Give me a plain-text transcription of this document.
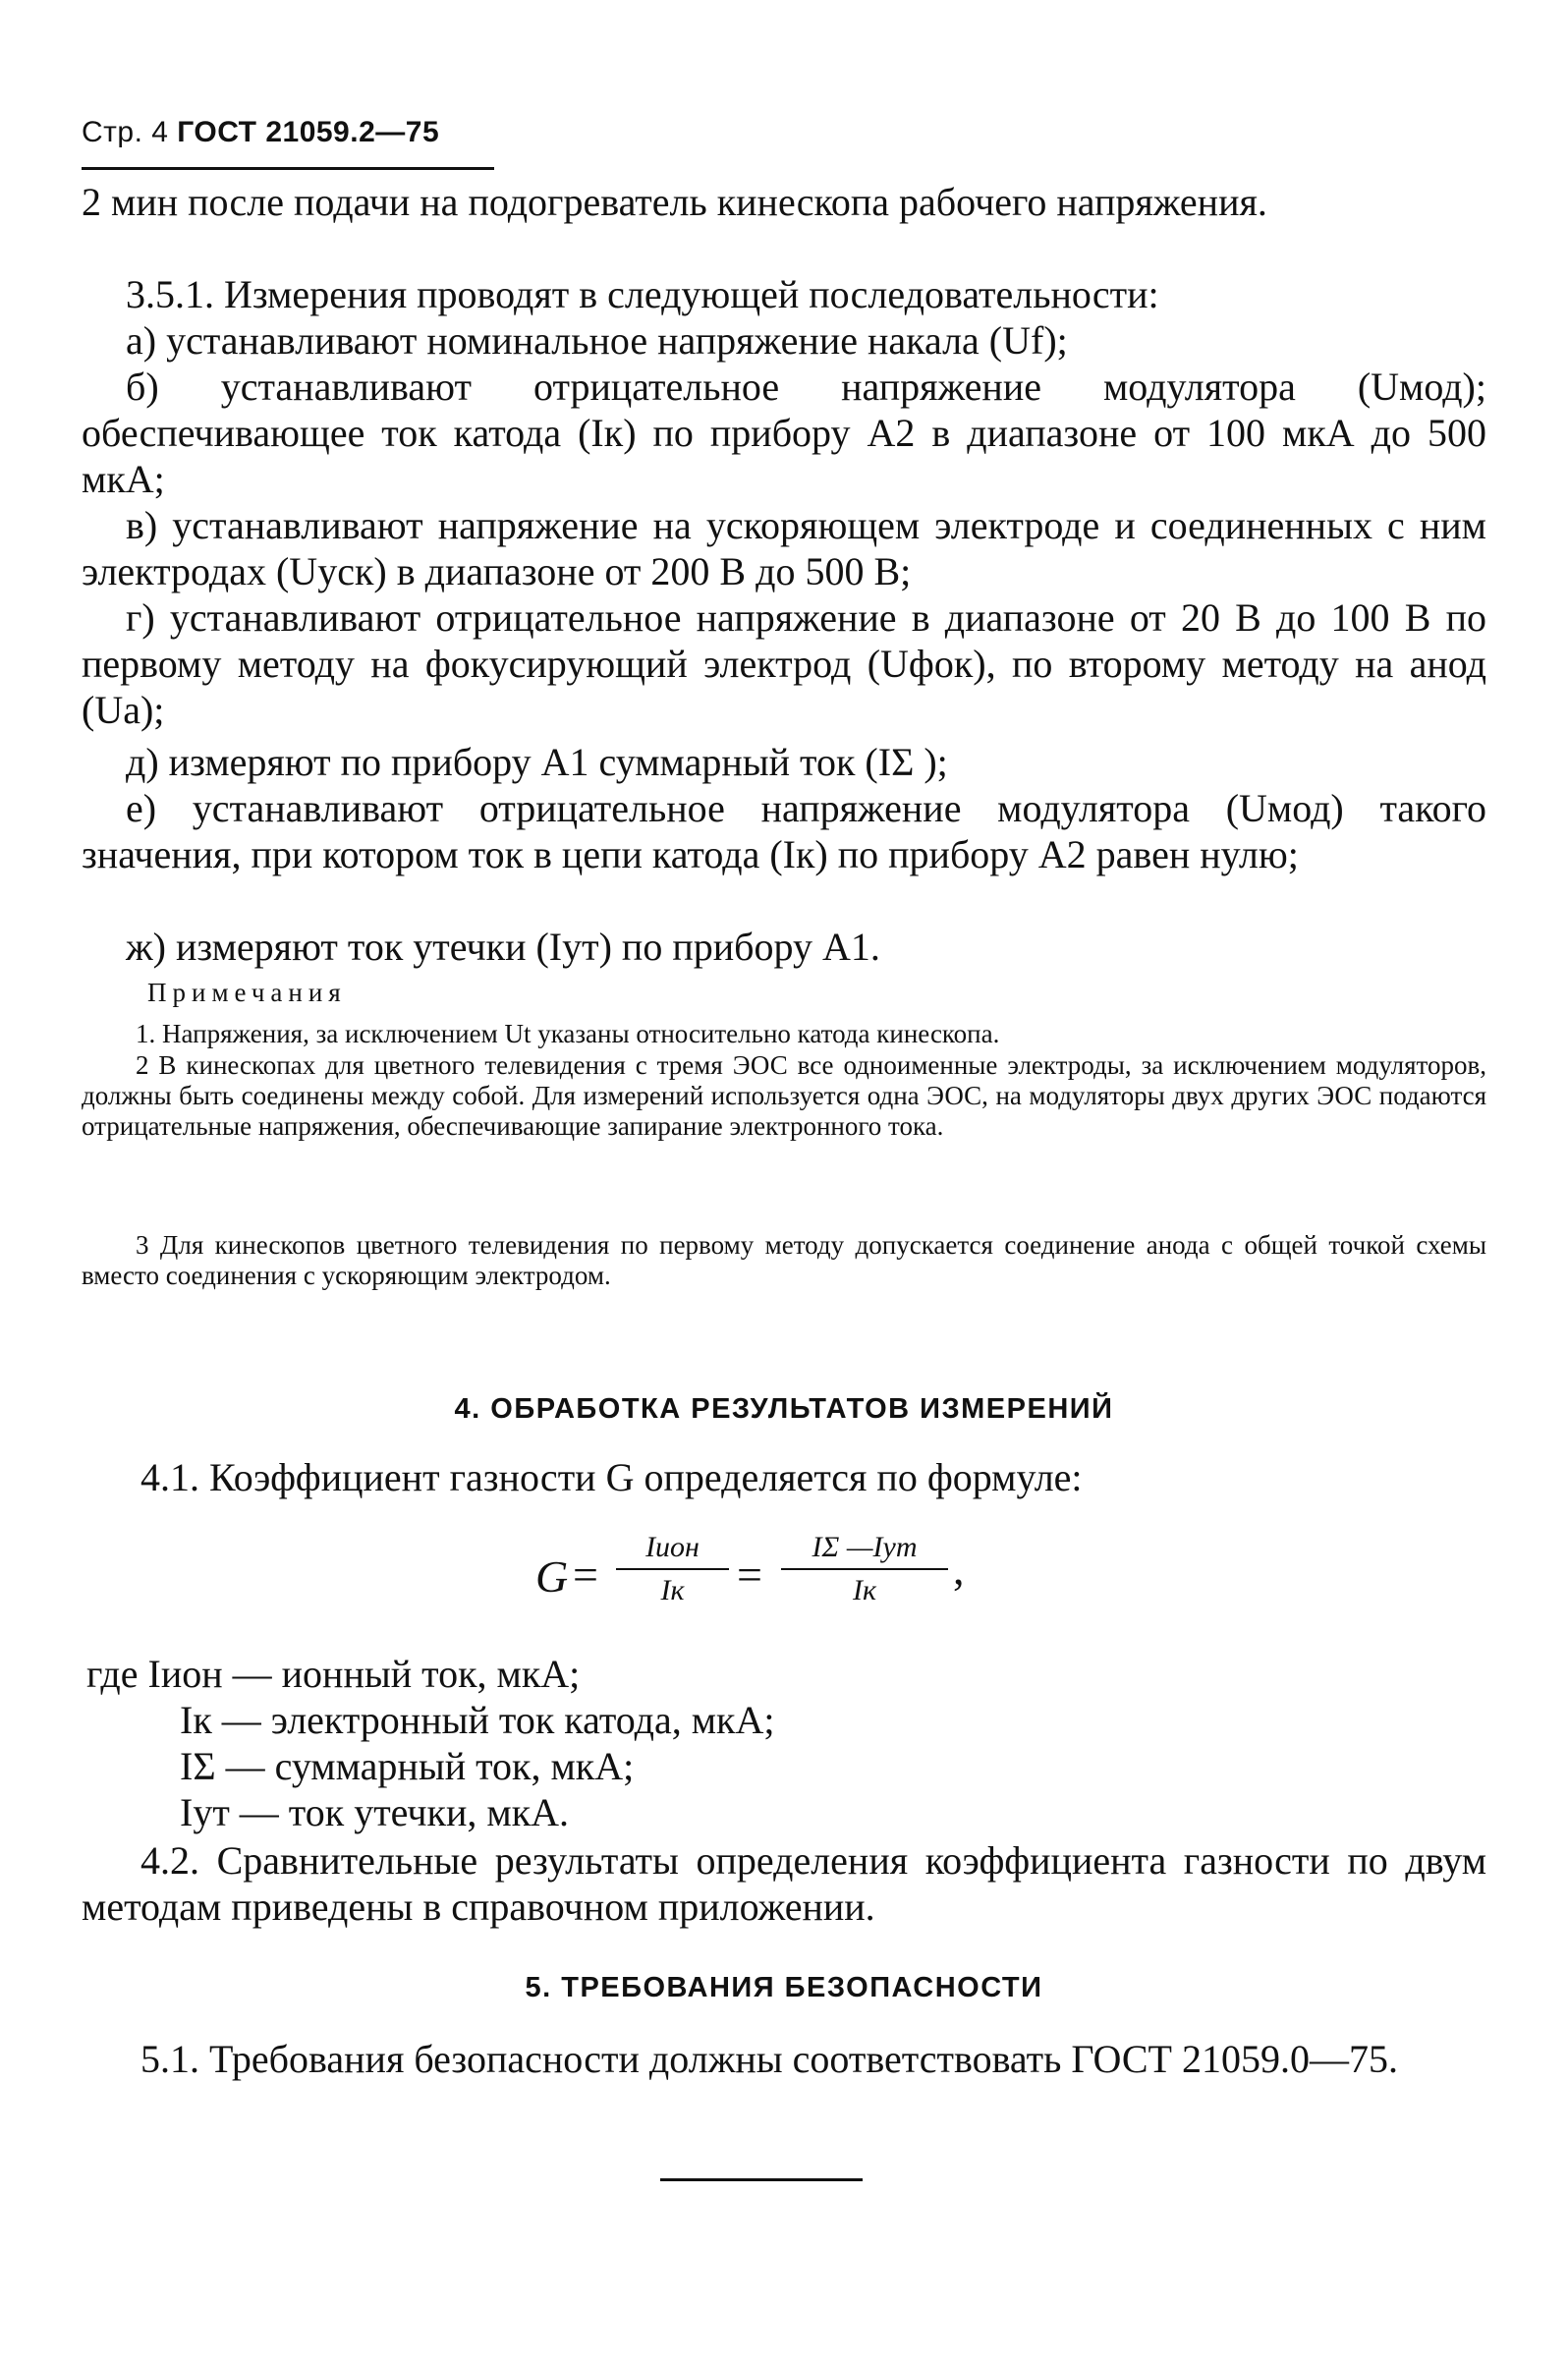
Стр. 4 ГОСТ 21059.2—75
2 мин после подачи на подогреватель кинескопа рабочего напряжения.
3.5.1. Измерения проводят в следующей последовательности:
а) устанавливают номинальное напряжение накала (Uf);
б) устанавливают отрицательное напряжение модулятора (Uмод); обеспечивающее ток катода (Iк) по прибору A2 в диапазоне от 100 мкА до 500 мкА;
в) устанавливают напряжение на ускоряющем электроде и соединенных с ним электродах (Uуск) в диапазоне от 200 В до 500 В;
г) устанавливают отрицательное напряжение в диапазоне от 20 В до 100 В по первому методу на фокусирующий электрод (Uфок), по второму методу на анод (Uа);
д) измеряют по прибору A1 суммарный ток (IΣ );
е) устанавливают отрицательное напряжение модулятора (Uмод) такого значения, при котором ток в цепи катода (Iк) по прибору A2 равен нулю;
ж) измеряют ток утечки (Iут) по прибору A1.
Примечания
1. Напряжения, за исключением Ut указаны относительно катода кинескопа.
2 В кинескопах для цветного телевидения с тремя ЭОС все одноименные электроды, за исключением модуляторов, должны быть соединены между собой. Для измерений используется одна ЭОС, на модуляторы двух других ЭОС подаются отрицательные напряжения, обеспечивающие запирание электронного тока.
3 Для кинескопов цветного телевидения по первому методу допускается соединение анода с общей точкой схемы вместо соединения с ускоряющим электродом.
4. ОБРАБОТКА РЕЗУЛЬТАТОВ ИЗМЕРЕНИЙ
4.1. Коэффициент газности G определяется по формуле:
G =
Iион
Iк	=
IΣ —Iут
Iк	,
где Iион — ионный ток, мкА;
Iк — электронный ток катода, мкА;
IΣ — суммарный ток, мкА;
Iут — ток утечки, мкА.
4.2. Сравнительные результаты определения коэффициента газности по двум методам приведены в справочном приложении.
5. ТРЕБОВАНИЯ БЕЗОПАСНОСТИ
5.1. Требования безопасности должны соответствовать ГОСТ 21059.0—75.
